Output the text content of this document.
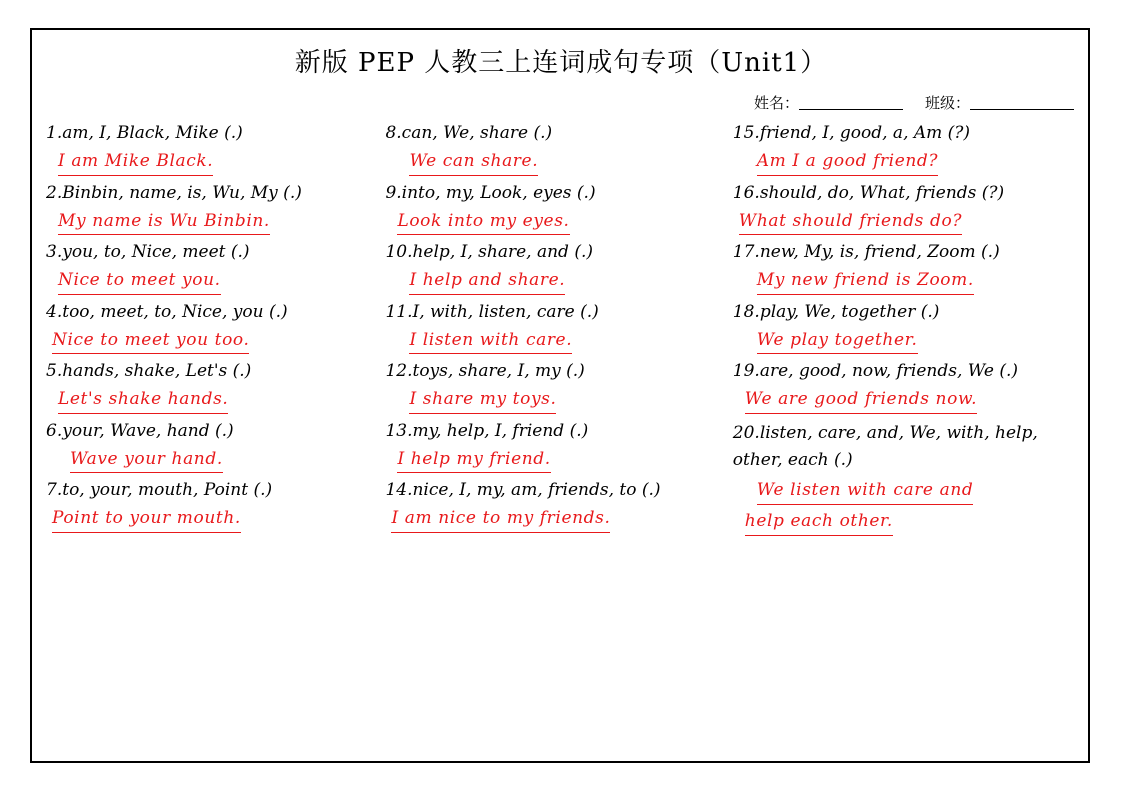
新版 PEP 人教三上连词成句专项（Unit1）
姓名：	班级：
1.am, I, Black, Mike (.)
I am Mike Black.
2.Binbin, name, is, Wu, My (.)
My name is Wu Binbin.
3.you, to, Nice, meet (.)
Nice to meet you.
4.too, meet, to, Nice, you (.)
Nice to meet you too.
5.hands, shake, Let's (.)
Let's shake hands.
6.your, Wave, hand (.)
Wave your hand.
7.to, your, mouth, Point (.)
Point to your mouth.
8.can, We, share (.)
We can share.
9.into, my, Look, eyes (.)
Look into my eyes.
10.help, I, share, and (.)
I help and share.
11.I, with, listen, care (.)
I listen with care.
12.toys, share, I, my (.)
I share my toys.
13.my, help, I, friend (.)
I help my friend.
14.nice, I, my, am, friends, to (.)
I am nice to my friends.
15.friend, I, good, a, Am (?)
Am I a good friend?
16.should, do, What, friends (?)
What should friends do?
17.new, My, is, friend, Zoom (.)
My new friend is Zoom.
18.play, We, together (.)
We play together.
19.are, good, now, friends, We (.)
We are good friends now.
20.listen, care, and, We, with, help, other, each (.)
We listen with care and
help each other.
